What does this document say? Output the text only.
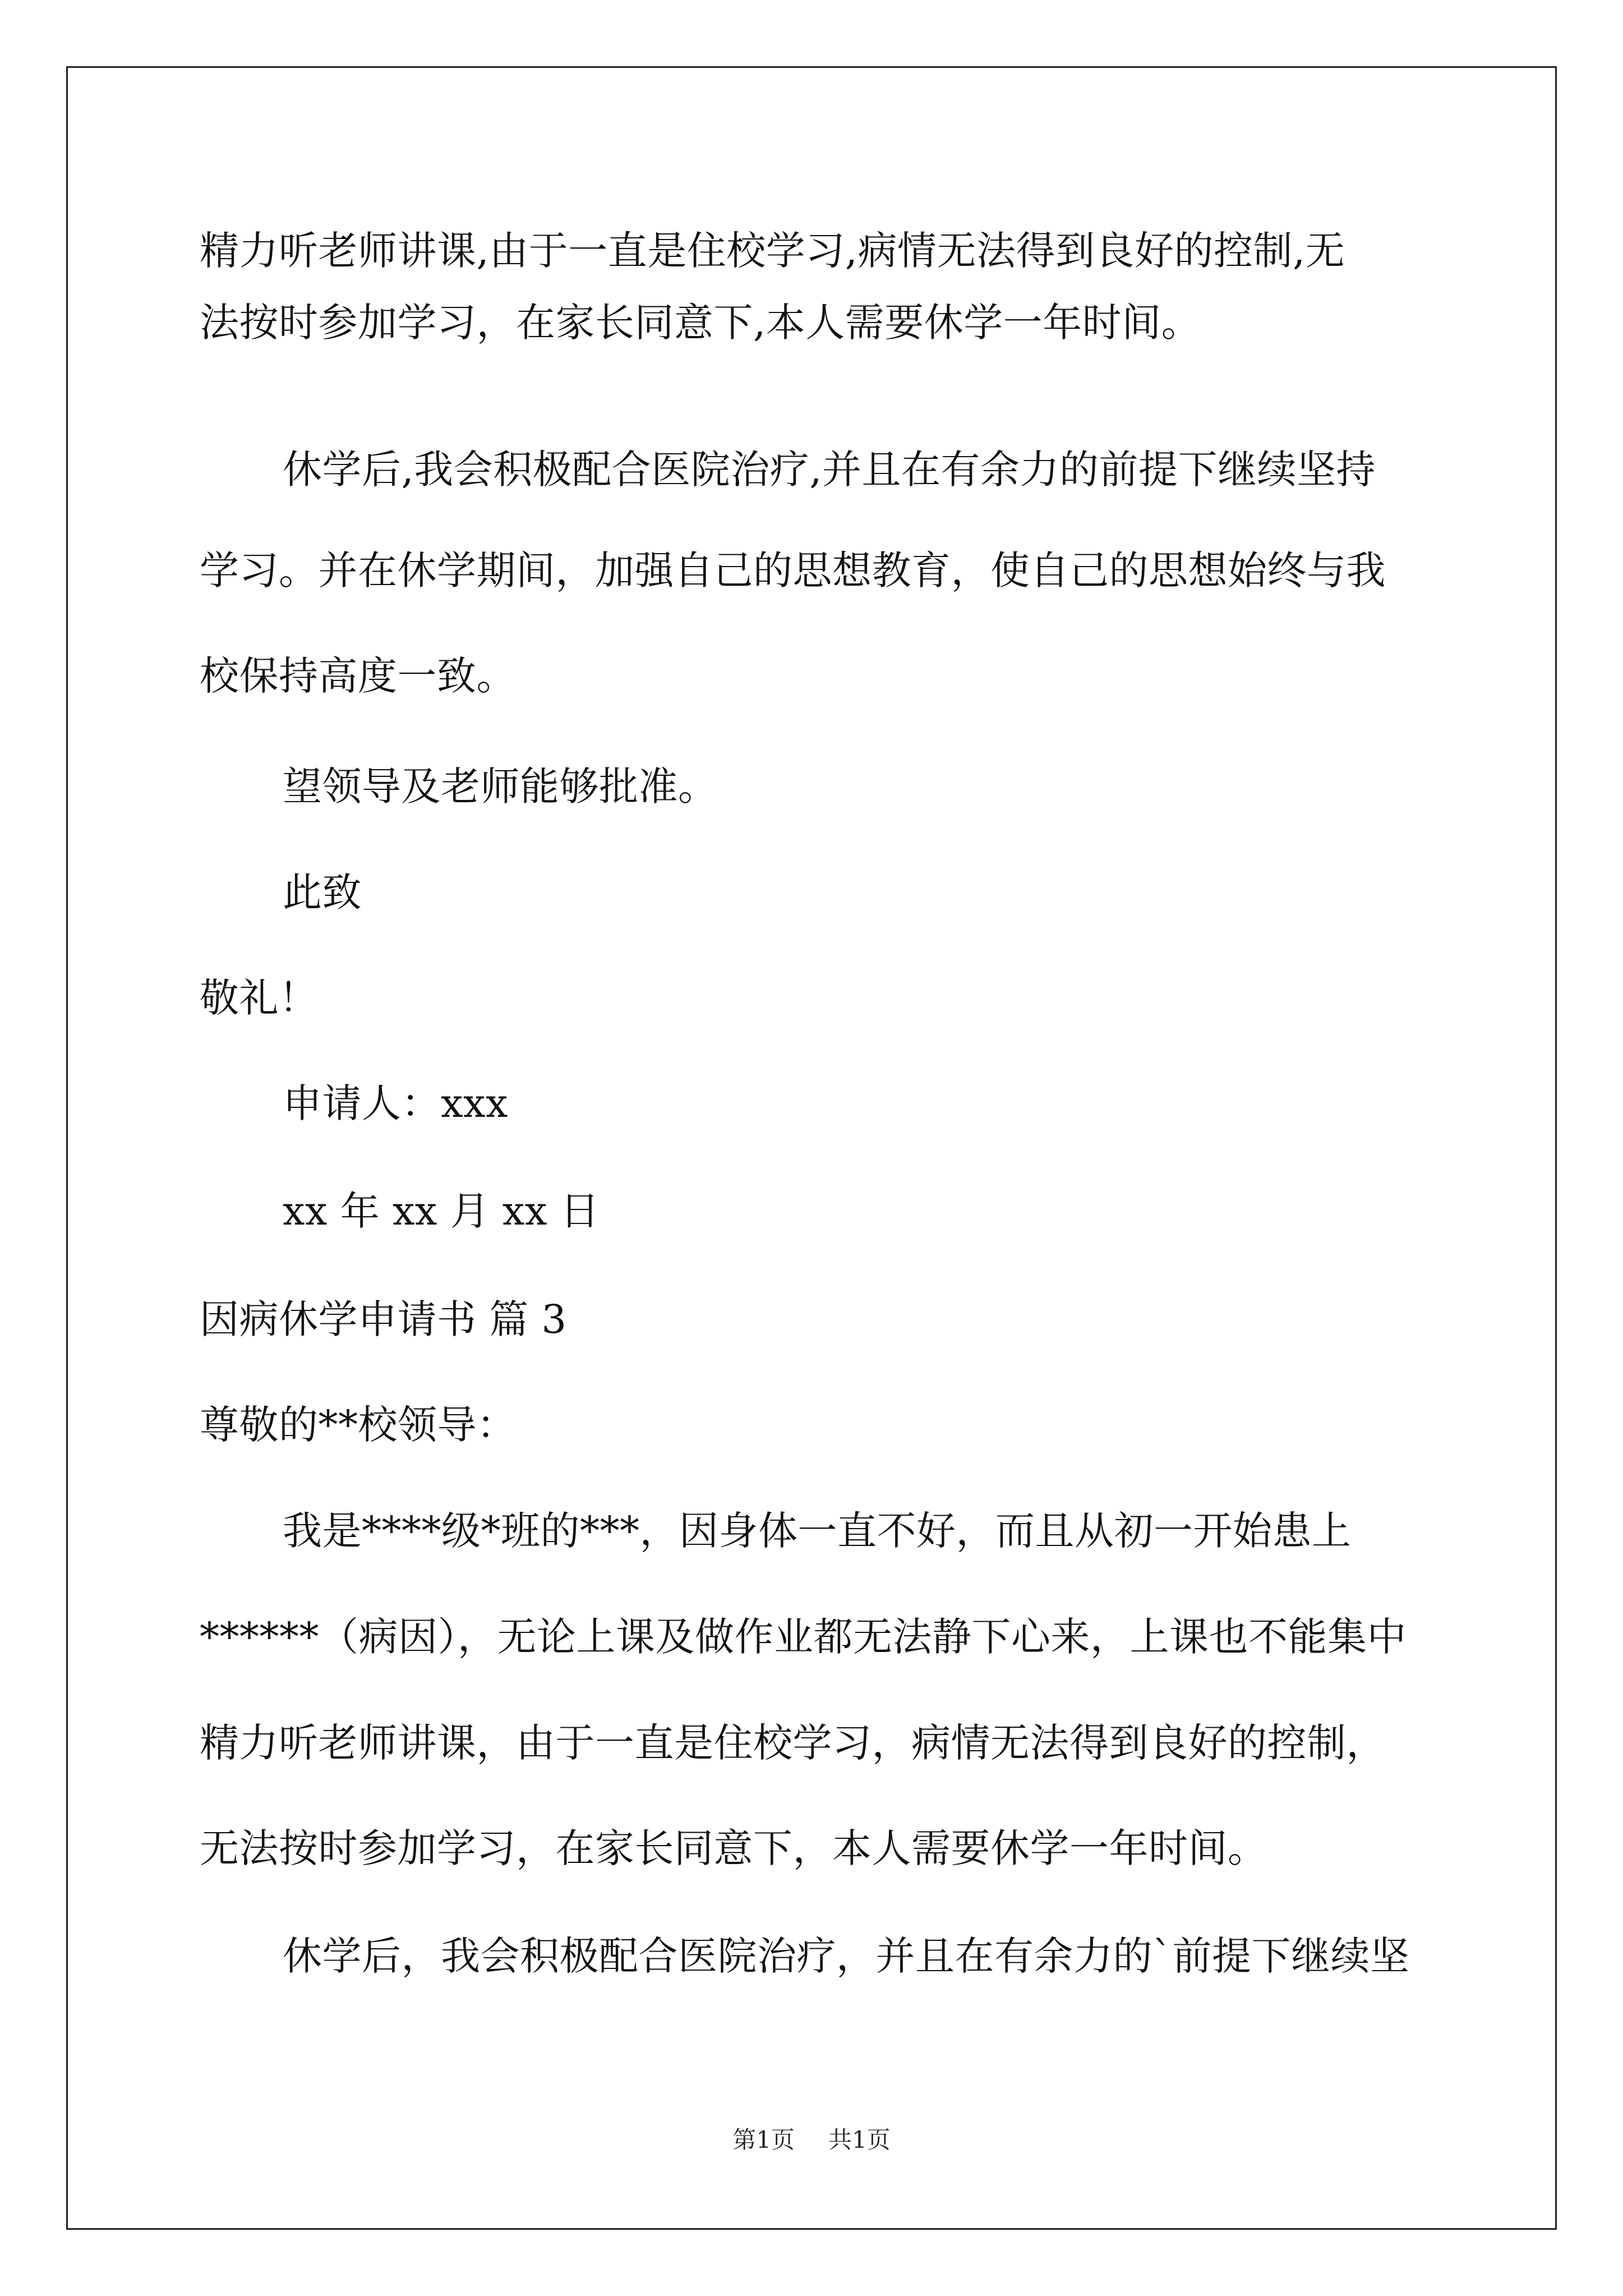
精力听老师讲课,由于一直是住校学习,病情无法得到良好的控制,无
法按时参加学习，在家长同意下,本人需要休学一年时间。
休学后,我会积极配合医院治疗,并且在有余力的前提下继续坚持
学习。并在休学期间，加强自己的思想教育，使自己的思想始终与我
校保持高度一致。
望领导及老师能够批准。
此致
敬礼！
申请人：xxx
xx 年 xx 月 xx 日
因病休学申请书 篇 3
尊敬的**校领导：
我是****级*班的***，因身体一直不好，而且从初一开始患上
******（病因），无论上课及做作业都无法静下心来，上课也不能集中
精力听老师讲课，由于一直是住校学习，病情无法得到良好的控制，
无法按时参加学习，在家长同意下，本人需要休学一年时间。
休学后，我会积极配合医院治疗，并且在有余力的`前提下继续坚
第1页 共1页
